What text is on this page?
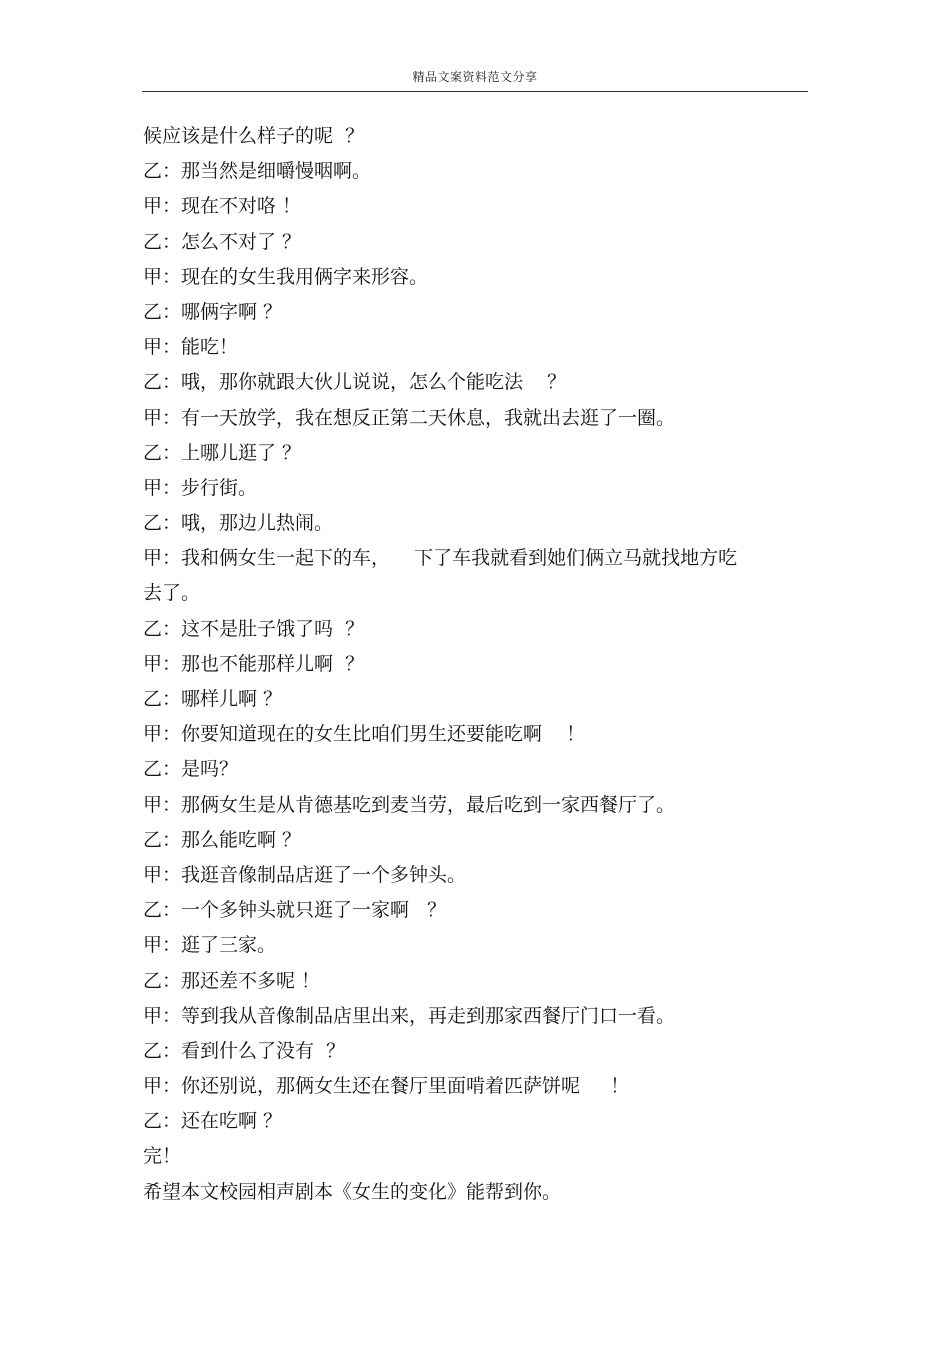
精品文案资料范文分享
候应该是什么样子的呢  ？
乙：那当然是细嚼慢咽啊。
甲：现在不对咯 ！
乙：怎么不对了 ？
甲：现在的女生我用俩字来形容。
乙：哪俩字啊 ？
甲：能吃！
乙：哦，那你就跟大伙儿说说，怎么个能吃法    ？
甲：有一天放学，我在想反正第二天休息，我就出去逛了一圈。
乙：上哪儿逛了 ？
甲：步行街。
乙：哦，那边儿热闹。
甲：我和俩女生一起下的车，    下了车我就看到她们俩立马就找地方吃
去了。
乙：这不是肚子饿了吗  ？
甲：那也不能那样儿啊  ？
乙：哪样儿啊 ？
甲：你要知道现在的女生比咱们男生还要能吃啊    ！
乙：是吗？
甲：那俩女生是从肯德基吃到麦当劳，最后吃到一家西餐厅了。
乙：那么能吃啊 ？
甲：我逛音像制品店逛了一个多钟头。
乙：一个多钟头就只逛了一家啊   ？
甲：逛了三家。
乙：那还差不多呢 ！
甲：等到我从音像制品店里出来，再走到那家西餐厅门口一看。
乙：看到什么了没有  ？
甲：你还别说，那俩女生还在餐厅里面啃着匹萨饼呢     ！
乙：还在吃啊 ？
完！
希望本文校园相声剧本《女生的变化》能帮到你。
